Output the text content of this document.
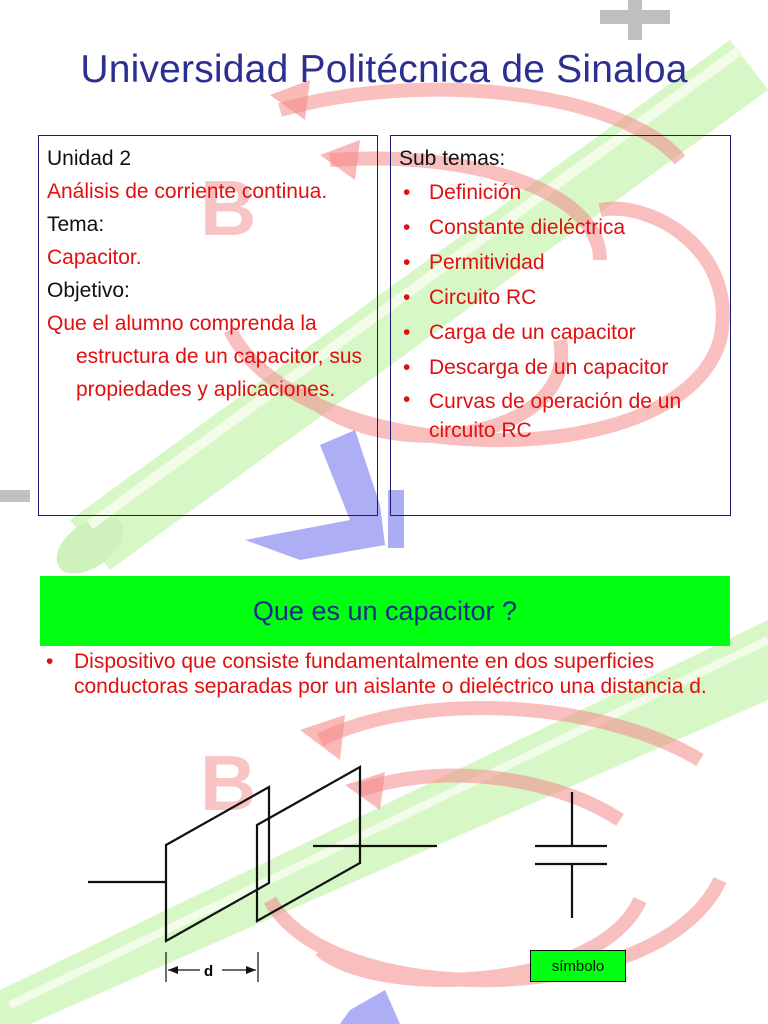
B
B
Universidad Politécnica de Sinaloa
Unidad 2
Análisis de corriente continua.
Tema:
Capacitor.
Objetivo:
Que el alumno comprenda la estructura de un capacitor, sus propiedades y aplicaciones.
Sub temas:
• Definición
• Constante dieléctrica
• Permitividad
• Circuito RC
• Carga de un capacitor
• Descarga de un capacitor
• Curvas de operación de un circuito RC
Que es un capacitor ?
• Dispositivo que consiste fundamentalmente en dos superficies conductoras separadas por un aislante o dieléctrico una distancia d.
d	símbolo
